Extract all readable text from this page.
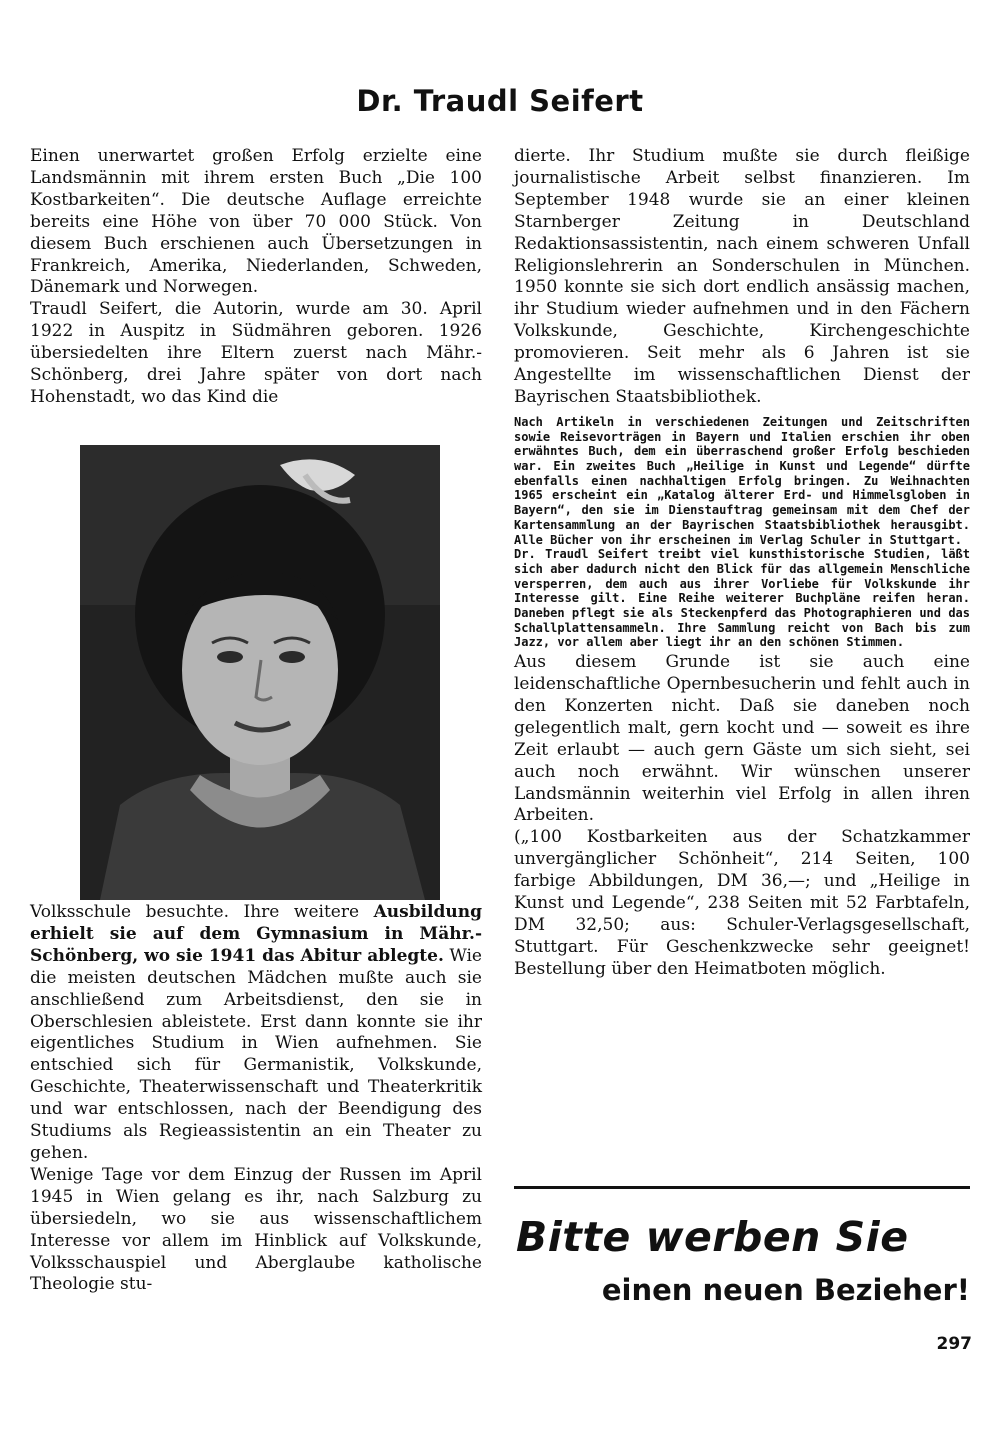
Dr. Traudl Seifert

Einen unerwartet großen Erfolg erzielte eine Landsmännin mit ihrem ersten Buch „Die 100 Kostbarkeiten“. Die deutsche Auflage erreichte bereits eine Höhe von über 70 000 Stück. Von diesem Buch erschienen auch Übersetzungen in Frankreich, Amerika, Niederlanden, Schweden, Dänemark und Norwegen.

Traudl Seifert, die Autorin, wurde am 30. April 1922 in Auspitz in Südmähren geboren. 1926 übersiedelten ihre Eltern zuerst nach Mähr.-Schönberg, drei Jahre später von dort nach Hohenstadt, wo das Kind die

Volksschule besuchte. Ihre weitere Ausbildung erhielt sie auf dem Gymnasium in Mähr.-Schönberg, wo sie 1941 das Abitur ablegte. Wie die meisten deutschen Mädchen mußte auch sie anschließend zum Arbeitsdienst, den sie in Oberschlesien ableistete. Erst dann konnte sie ihr eigentliches Studium in Wien aufnehmen. Sie entschied sich für Germanistik, Volkskunde, Geschichte, Theaterwissenschaft und Theaterkritik und war entschlossen, nach der Beendigung des Studiums als Regieassistentin an ein Theater zu gehen.

Wenige Tage vor dem Einzug der Russen im April 1945 in Wien gelang es ihr, nach Salzburg zu übersiedeln, wo sie aus wissenschaftlichem Interesse vor allem im Hinblick auf Volkskunde, Volksschauspiel und Aberglaube katholische Theologie stu-

dierte. Ihr Studium mußte sie durch fleißige journalistische Arbeit selbst finanzieren. Im September 1948 wurde sie an einer kleinen Starnberger Zeitung in Deutschland Redaktionsassistentin, nach einem schweren Unfall Religionslehrerin an Sonderschulen in München. 1950 konnte sie sich dort endlich ansässig machen, ihr Studium wieder aufnehmen und in den Fächern Volkskunde, Geschichte, Kirchengeschichte promovieren. Seit mehr als 6 Jahren ist sie Angestellte im wissenschaftlichen Dienst der Bayrischen Staatsbibliothek.

Nach Artikeln in verschiedenen Zeitungen und Zeitschriften sowie Reisevorträgen in Bayern und Italien erschien ihr oben erwähntes Buch, dem ein überraschend großer Erfolg beschieden war. Ein zweites Buch „Heilige in Kunst und Legende“ dürfte ebenfalls einen nachhaltigen Erfolg bringen. Zu Weihnachten 1965 erscheint ein „Katalog älterer Erd- und Himmelsgloben in Bayern“, den sie im Dienstauftrag gemeinsam mit dem Chef der Kartensammlung an der Bayrischen Staatsbibliothek herausgibt. Alle Bücher von ihr erscheinen im Verlag Schuler in Stuttgart.

Dr. Traudl Seifert treibt viel kunsthistorische Studien, läßt sich aber dadurch nicht den Blick für das allgemein Menschliche versperren, dem auch aus ihrer Vorliebe für Volkskunde ihr Interesse gilt. Eine Reihe weiterer Buchpläne reifen heran. Daneben pflegt sie als Steckenpferd das Photographieren und das Schallplattensammeln. Ihre Sammlung reicht von Bach bis zum Jazz, vor allem aber liegt ihr an den schönen Stimmen.

Aus diesem Grunde ist sie auch eine leidenschaftliche Opernbesucherin und fehlt auch in den Konzerten nicht. Daß sie daneben noch gelegentlich malt, gern kocht und — soweit es ihre Zeit erlaubt — auch gern Gäste um sich sieht, sei auch noch erwähnt. Wir wünschen unserer Landsmännin weiterhin viel Erfolg in allen ihren Arbeiten.

(„100 Kostbarkeiten aus der Schatzkammer unvergänglicher Schönheit“, 214 Seiten, 100 farbige Abbildungen, DM 36,—; und „Heilige in Kunst und Legende“, 238 Seiten mit 52 Farbtafeln, DM 32,50; aus: Schuler-Verlagsgesellschaft, Stuttgart. Für Geschenkzwecke sehr geeignet! Bestellung über den Heimatboten möglich.

Bitte werben Sie
einen neuen Bezieher!
297
